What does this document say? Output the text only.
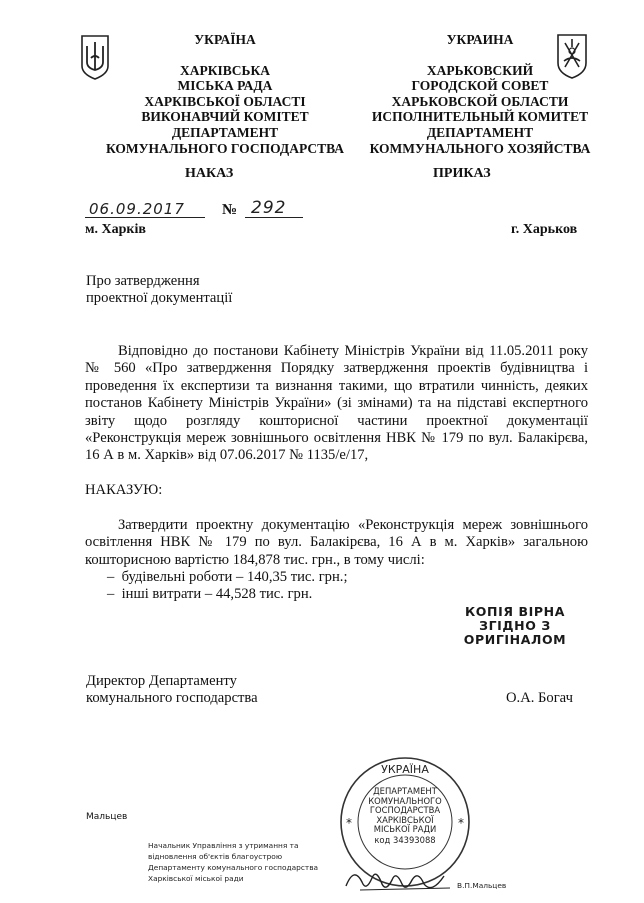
УКРАЇНА
ХАРКІВСЬКА
МІСЬКА РАДА
ХАРКІВСЬКОЇ ОБЛАСТІ
ВИКОНАВЧИЙ КОМІТЕТ
ДЕПАРТАМЕНТ
КОМУНАЛЬНОГО ГОСПОДАРСТВА
УКРАИНА
ХАРЬКОВСКИЙ
ГОРОДСКОЙ СОВЕТ
ХАРЬКОВСКОЙ ОБЛАСТИ
ИСПОЛНИТЕЛЬНЫЙ КОМИТЕТ
ДЕПАРТАМЕНТ
КОММУНАЛЬНОГО ХОЗЯЙСТВА
НАКАЗ	ПРИКАЗ
06.09.2017 № 292
м. Харків	г. Харьков
Про затвердження
проектної документації
Відповідно до постанови Кабінету Міністрів України від 11.05.2011 року № 560 «Про затвердження Порядку затвердження проектів будівництва і проведення їх експертизи та визнання такими, що втратили чинність, деяких постанов Кабінету Міністрів України» (зі змінами) та на підставі експертного звіту щодо розгляду кошторисної частини проектної документації «Реконструкція мереж зовнішнього освітлення НВК № 179 по вул. Балакірєва, 16 А в м. Харків» від 07.06.2017 № 1135/е/17,
НАКАЗУЮ:
Затвердити проектну документацію «Реконструкція мереж зовнішнього освітлення НВК № 179 по вул. Балакірєва, 16 А в м. Харків» загальною кошторисною вартістю 184,878 тис. грн., в тому числі:
–  будівельні роботи – 140,35 тис. грн.;
–  інші витрати – 44,528 тис. грн.
КОПІЯ ВІРНА
ЗГІДНО З
ОРИГІНАЛОМ
Директор Департаменту
комунального господарства	О.А. Богач
УКРАЇНА
*	*
ДЕПАРТАМЕНТ
КОМУНАЛЬНОГО
ГОСПОДАРСТВА
ХАРКІВСЬКОЇ
МІСЬКОЇ РАДИ
код 34393088
Мальцев
Начальник Управління з утримання та
відновлення об'єктів благоустрою
Департаменту комунального господарства
Харківської міської ради
В.П.Мальцев
